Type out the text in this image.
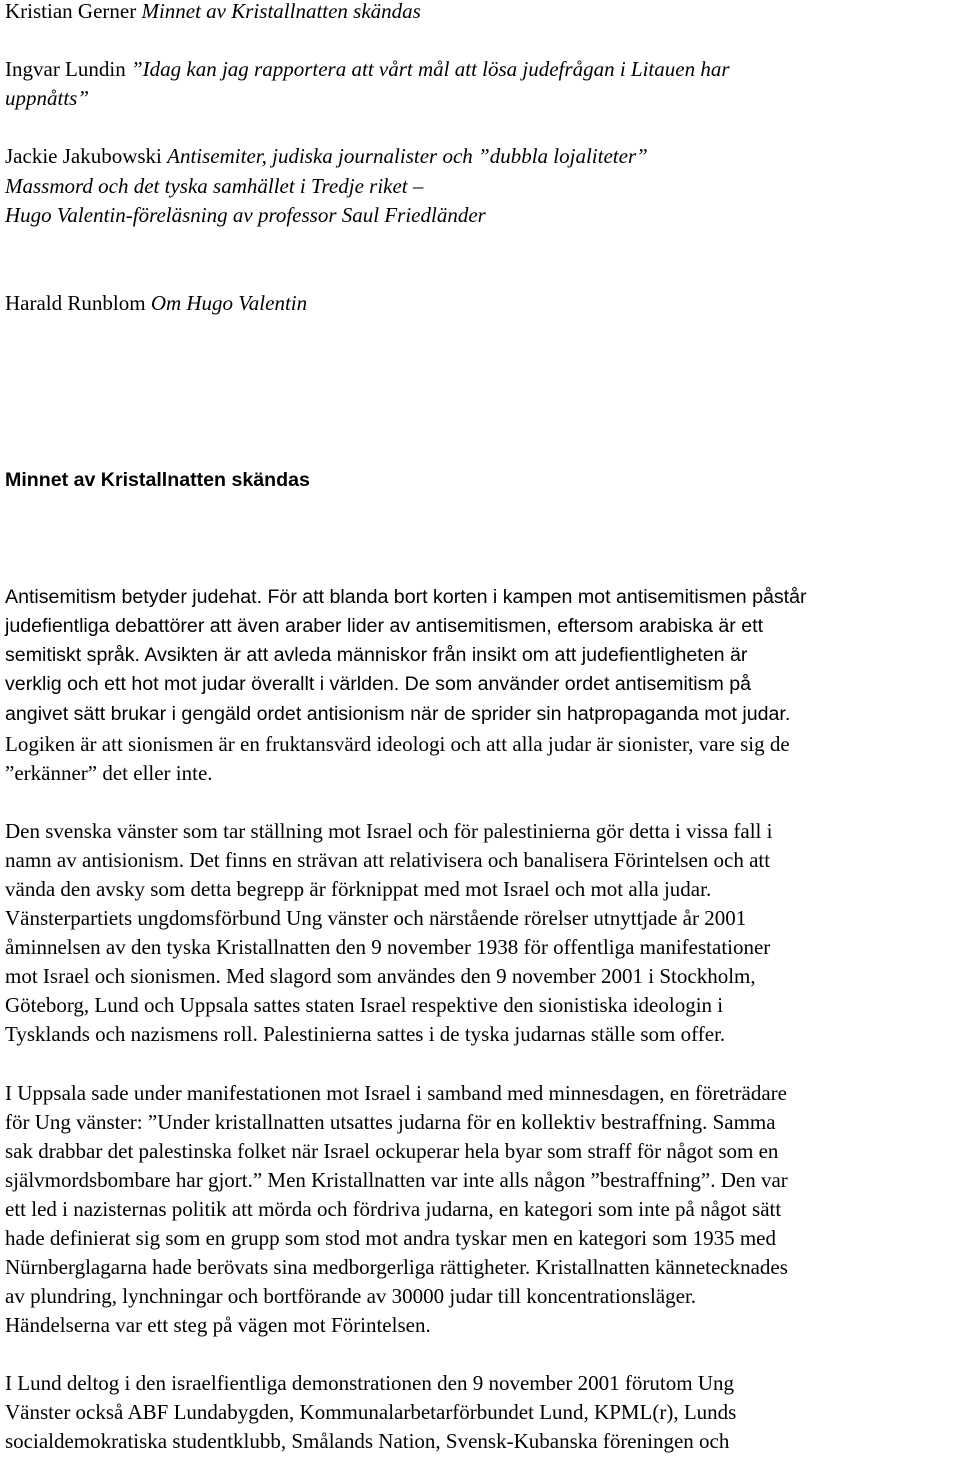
Kristian Gerner Minnet av Kristallnatten skändas
Ingvar Lundin ”Idag kan jag rapportera att vårt mål att lösa judefrågan i Litauen har
uppnåtts”
Jackie Jakubowski Antisemiter, judiska journalister och ”dubbla lojaliteter”
Massmord och det tyska samhället i Tredje riket –
Hugo Valentin-föreläsning av professor Saul Friedländer
Harald Runblom Om Hugo Valentin
Minnet av Kristallnatten skändas
Antisemitism betyder judehat. För att blanda bort korten i kampen mot antisemitismen påstår
judefientliga debattörer att även araber lider av antisemitismen, eftersom arabiska är ett
semitiskt språk. Avsikten är att avleda människor från insikt om att judefientligheten är
verklig och ett hot mot judar överallt i världen. De som använder ordet antisemitism på
angivet sätt brukar i gengäld ordet antisionism när de sprider sin hatpropaganda mot judar.
Logiken är att sionismen är en fruktansvärd ideologi och att alla judar är sionister, vare sig de
”erkänner” det eller inte.
Den svenska vänster som tar ställning mot Israel och för palestinierna gör detta i vissa fall i
namn av antisionism. Det finns en strävan att relativisera och banalisera Förintelsen och att
vända den avsky som detta begrepp är förknippat med mot Israel och mot alla judar.
Vänsterpartiets ungdomsförbund Ung vänster och närstående rörelser utnyttjade år 2001
åminnelsen av den tyska Kristallnatten den 9 november 1938 för offentliga manifestationer
mot Israel och sionismen. Med slagord som användes den 9 november 2001 i Stockholm,
Göteborg, Lund och Uppsala sattes staten Israel respektive den sionistiska ideologin i
Tysklands och nazismens roll. Palestinierna sattes i de tyska judarnas ställe som offer.
I Uppsala sade under manifestationen mot Israel i samband med minnesdagen, en företrädare
för Ung vänster: ”Under kristallnatten utsattes judarna för en kollektiv bestraffning. Samma
sak drabbar det palestinska folket när Israel ockuperar hela byar som straff för något som en
självmordsbombare har gjort.” Men Kristallnatten var inte alls någon ”bestraffning”. Den var
ett led i nazisternas politik att mörda och fördriva judarna, en kategori som inte på något sätt
hade definierat sig som en grupp som stod mot andra tyskar men en kategori som 1935 med
Nürnberglagarna hade berövats sina medborgerliga rättigheter. Kristallnatten kännetecknades
av plundring, lynchningar och bortförande av 30000 judar till koncentrationsläger.
Händelserna var ett steg på vägen mot Förintelsen.
I Lund deltog i den israelfientliga demonstrationen den 9 november 2001 förutom Ung
Vänster också ABF Lundabygden, Kommunalarbetarförbundet Lund, KPML(r), Lunds
socialdemokratiska studentklubb, Smålands Nation, Svensk-Kubanska föreningen och
